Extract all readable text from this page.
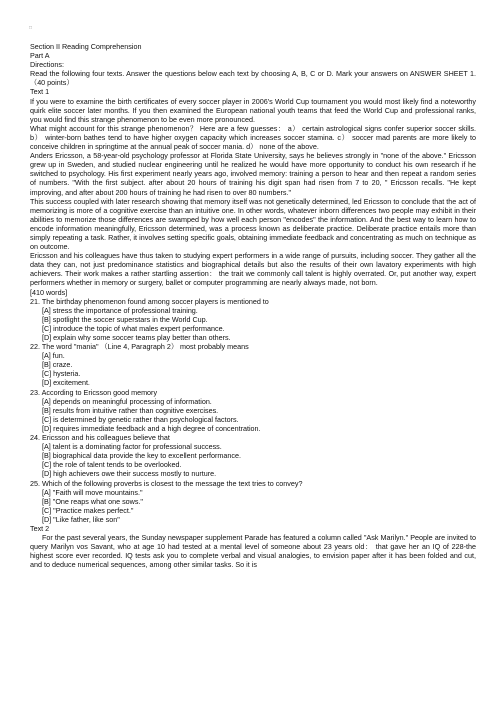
□
Section II Reading Comprehension
Part A
Directions:
Read the following four texts. Answer the questions below each text by choosing A, B, C or D. Mark your answers on ANSWER SHEET 1. （40 points）
Text 1
If you were to examine the birth certificates of every soccer player in 2006's World Cup tournament you would most likely find a noteworthy quirk elite soccer later months. If you then examined the European national youth teams that feed the World Cup and professional ranks, you would find this strange phenomenon to be even more pronounced.
What might account for this strange phenomenon？ Here are a few guesses： a） certain astrological signs confer superior soccer skills. b） winter-born bathes tend to have higher oxygen capacity which increases soccer stamina. c） soccer mad parents are more likely to conceive children in springtime at the annual peak of soccer mania. d） none of the above.
Anders Ericsson, a 58-year-old psychology professor at Florida State University, says he believes strongly in "none of the above." Ericsson grew up in Sweden, and studied nuclear engineering until he realized he would have more opportunity to conduct his own research if he switched to psychology. His first experiment nearly years ago, involved memory: training a person to hear and then repeat a random series of numbers. "With the first subject. after about 20 hours of training his digit span had risen from 7 to 20, " Ericsson recalls. "He kept improving, and after about 200 hours of training he had risen to over 80 numbers."
This success coupled with later research showing that memory itself was not genetically determined, led Ericsson to conclude that the act of memorizing is more of a cognitive exercise than an intuitive one. In other words, whatever inborn differences two people may exhibit in their abilities to memorize those differences are swamped by how well each person "encodes" the information. And the best way to learn how to encode information meaningfully, Ericsson determined, was a process known as deliberate practice. Deliberate practice entails more than simply repeating a task. Rather, it involves setting specific goals, obtaining immediate feedback and concentrating as much on technique as on outcome.
Ericsson and his colleagues have thus taken to studying expert performers in a wide range of pursuits, including soccer. They gather all the data they can, not just predominance statistics and biographical details but also the results of their own lavatory experiments with high achievers. Their work makes a rather startling assertion： the trait we commonly call talent is highly overrated. Or, put another way, expert performers whether in memory or surgery, ballet or computer programming are nearly always made, not born.
[410 words]
21. The birthday phenomenon found among soccer players is mentioned to
[A] stress the importance of professional training.
[B] spotlight the soccer superstars in the World Cup.
[C] introduce the topic of what males expert performance.
[D] explain why some soccer teams play better than others.
22. The word "mania" （Line 4, Paragraph 2） most probably means
[A] fun.
[B] craze.
[C] hysteria.
[D] excitement.
23. According to Ericsson good memory
[A] depends on meaningful processing of information.
[B] results from intuitive rather than cognitive exercises.
[C] is determined by genetic rather than psychological factors.
[D] requires immediate feedback and a high degree of concentration.
24. Ericsson and his colleagues believe that
[A] talent is a dominating factor for professional success.
[B] biographical data provide the key to excellent performance.
[C] the role of talent tends to be overlooked.
[D] high achievers owe their success mostly to nurture.
25. Which of the following proverbs is closest to the message the text tries to convey?
[A] "Faith will move mountains."
[B] "One reaps what one sows."
[C] "Practice makes perfect."
[D] "Like father, like son"
Text 2
For the past several years, the Sunday newspaper supplement Parade has featured a column called "Ask Marilyn." People are invited to query Marilyn vos Savant, who at age 10 had tested at a mental level of someone about 23 years old： that gave her an IQ of 228-the highest score ever recorded. IQ tests ask you to complete verbal and visual analogies, to envision paper after it has been folded and cut, and to deduce numerical sequences, among other similar tasks. So it is
